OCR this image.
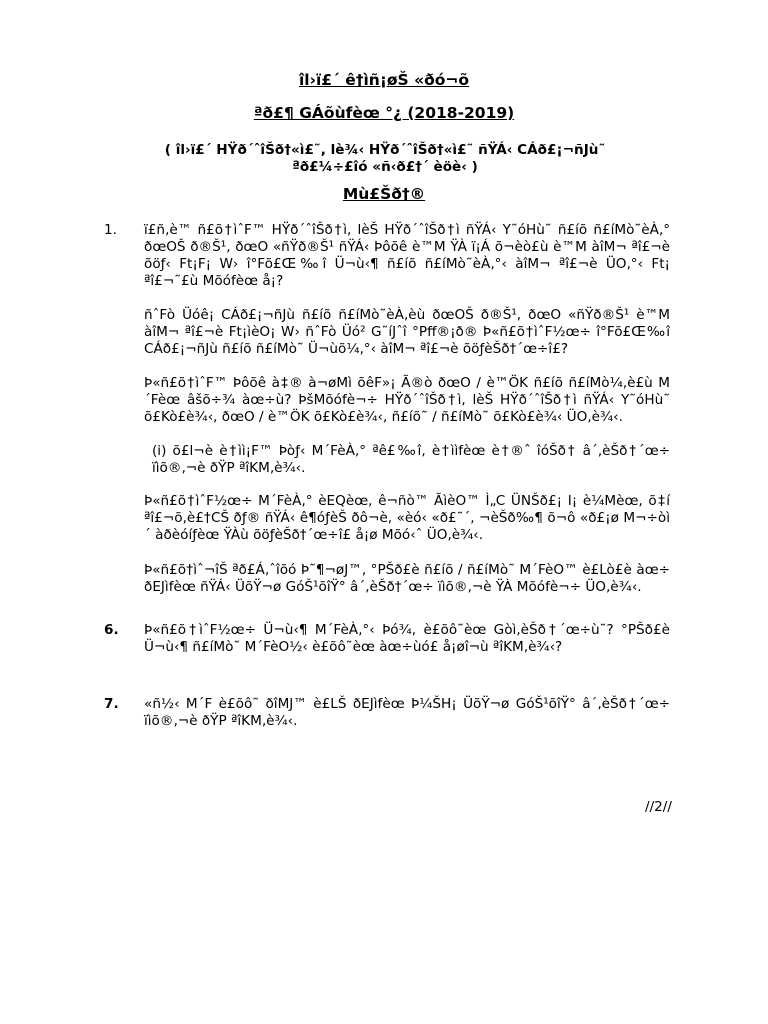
îl›ï£´ ê†ìñ¡øŠ «ðó¬õ
ªð£¶ GÁõùfèœ °¿ (2018-2019)
( îl›ï£´ HŸð´ˆîŠð†«ì£˜, lè¾‹ HŸð´ˆîŠð†«ì£˜ ñŸÁ‹ CÁð£¡¬ñJù˜
ªð£¼÷£îó «ñ‹ð£†´ èöè‹ )
Mù£Šð†®
1.	ï£ñ‚è™ ñ£õ†ìˆF™ HŸð´ˆîŠð†ì, lèŠ HŸð´ˆîŠð†ì ñŸÁ‹ Y˜óHù˜ ñ£íõ ñ£íMò˜èÀ‚° ðœOŠ ð®Š¹, ðœO «ñŸð®Š¹ ñŸÁ‹ Þôõê è™M ŸÀ ï¡Á õ¬èò£ù è™M àîM¬ ªî£¬è õöƒ‹ Ft¡F¡ W› î°Fõ£Œ‰î Ü¬ù‹¶ ñ£íõ ñ£íMò˜èÀ‚°‹ àîM¬ ªî£¬è ÜO‚°‹ Ft¡ ªî£¬˜£ù Mõófèœ å¡?
ñˆFò Üóê¡ CÁð£¡¬ñJù ñ£íõ ñ£íMò˜èÀ‚èù ðœOŠ ð®Š¹, ðœO «ñŸð®Š¹ è™M àîM¬ ªî£¬è Ft¡ìèO¡ W› ñˆFò Üó² G˜íJˆî °Pff®¡ð® Þ«ñ£õ†ìˆF½œ÷ î°Fõ£Œ‰î CÁð£¡¬ñJù ñ£íõ ñ£íMò˜ Ü¬ùõ¼‚°‹ àîM¬ ªî£¬è õöƒèŠð†´œ÷î£?
Þ«ñ£õ†ìˆF™ Þôõê à‡® à¬øMì õêF»¡ Ã®ò ðœO / è™ÖK ñ£íõ ñ£íMò¼‚è£ù M´Fèœ âšõ÷¾ àœ÷ù? ÞšMõófè¬÷ HŸð´ˆîŠð†ì, lèŠ HŸð´ˆîŠð†ì ñŸÁ‹ Y˜óHù˜ õ£Kò£è¾‹, ðœO / è™ÖK õ£Kò£è¾‹, ñ£íõ˜ / ñ£íMò˜ õ£Kò£è¾‹ ÜO‚è¾‹.
(i) õ£l¬è è†ìì¡F™ Þòƒ‹ M´FèÀ‚° ªê£‰î, è†ììfèœ è†®ˆ îóŠð† â´‚èŠð†´œ÷ ïìõ®‚¬è ðŸP ªîKM‚è¾‹.
Þ«ñ£õ†ìˆF½œ÷ M´FèÀ‚° èEQèœ, ê¬ñò™ ÃìèO™ Ì„C ÜNŠð£¡ I¡ è¼Mèœ, õ‡í ªî£¬õ‚è£†CŠ ðƒ® ñŸÁ‹ ê¶óƒèŠ ðô¬è, «èó‹ «ð£˜´, ¬èŠð‰¶ õ¬ô «ð£¡ø M¬÷òì´ àðèóíƒèœ ŸÀù õöƒèŠð†´œ÷î£ å¡ø Mõó‹ˆ ÜO‚è¾‹.
Þ«ñ£õ†ìˆ¬îŠ ªð£Á‚ˆîõó Þ˜¶¬øJ™, °PŠð£è ñ£íõ / ñ£íMò˜ M´FèO™ è£Lò£è àœ÷ ðEJìfèœ ñŸÁ‹ ÜõŸ¬ø GóŠ¹õîŸ° â´‚èŠð†´œ÷ ïìõ®‚¬è ŸÀ Mõófè¬÷ ÜO‚è¾‹.
6.	Þ«ñ£õ†ìˆF½œ÷ Ü¬ù‹¶ M´FèÀ‚°‹ Þó¾, è£õô˜èœ Gòì‚èŠð†´œ÷ù˜? °PŠð£è Ü¬ù‹¶ ñ£íMò˜ M´FèO½‹ è£õô˜èœ àœ÷ùó£ å¡øî¬ù ªîKM‚è¾‹?
7.	«ñ½‹ M´F è£õô˜ ðîMJ™ è£LŠ ðEJìfèœ Þ¼ŠH¡ ÜõŸ¬ø GóŠ¹õîŸ° â´‚èŠð†´œ÷ ïìõ®‚¬è ðŸP ªîKM‚è¾‹.
//2//
